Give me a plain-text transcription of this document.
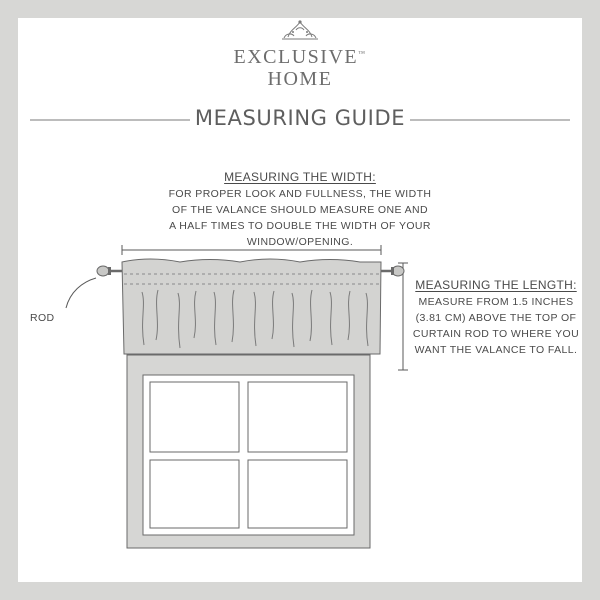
EXCLUSIVE™
HOME
MEASURING GUIDE
MEASURING THE WIDTH:
FOR PROPER LOOK AND FULLNESS, THE WIDTH
OF THE VALANCE SHOULD MEASURE ONE AND
A HALF TIMES TO DOUBLE THE WIDTH OF YOUR
WINDOW/OPENING.
MEASURING THE LENGTH:
MEASURE FROM 1.5 INCHES
(3.81 CM) ABOVE THE TOP OF
CURTAIN ROD TO WHERE YOU
WANT THE VALANCE TO FALL.
ROD
